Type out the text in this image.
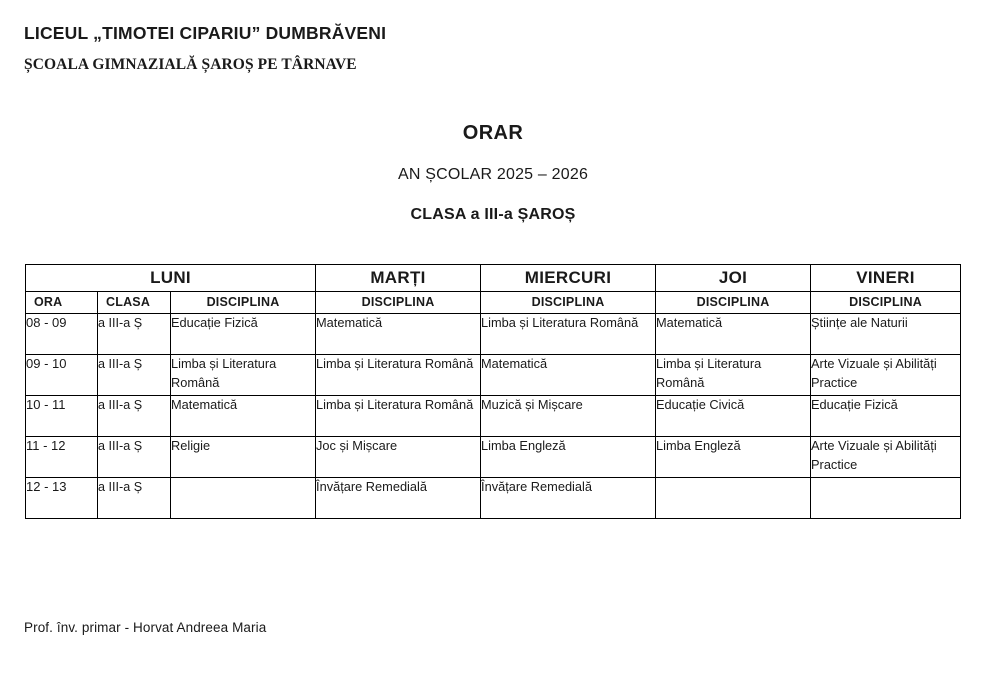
LICEUL „TIMOTEI CIPARIU” DUMBRĂVENI
ȘCOALA GIMNAZIALĂ ȘAROȘ PE TÂRNAVE
ORAR
AN ȘCOLAR 2025 – 2026
CLASA a III-a ȘAROȘ
LUNI			MARȚI	MIERCURI	JOI	VINERI
ORA	CLASA	DISCIPLINA	DISCIPLINA	DISCIPLINA	DISCIPLINA	DISCIPLINA
08 - 09	a III-a Ș	Educație Fizică	Matematică	Limba și Literatura Română	Matematică	Științe ale Naturii
09 - 10	a III-a Ș	Limba și Literatura Română	Limba și Literatura Română	Matematică	Limba și Literatura Română	Arte Vizuale și Abilități Practice
10 - 11	a III-a Ș	Matematică	Limba și Literatura Română	Muzică și Mișcare	Educație Civică	Educație Fizică
11 - 12	a III-a Ș	Religie	Joc și Mișcare	Limba Engleză	Limba Engleză	Arte Vizuale și Abilități Practice
12 - 13	a III-a Ș		Învățare Remedială	Învățare Remedială		
Prof. înv. primar - Horvat Andreea Maria
